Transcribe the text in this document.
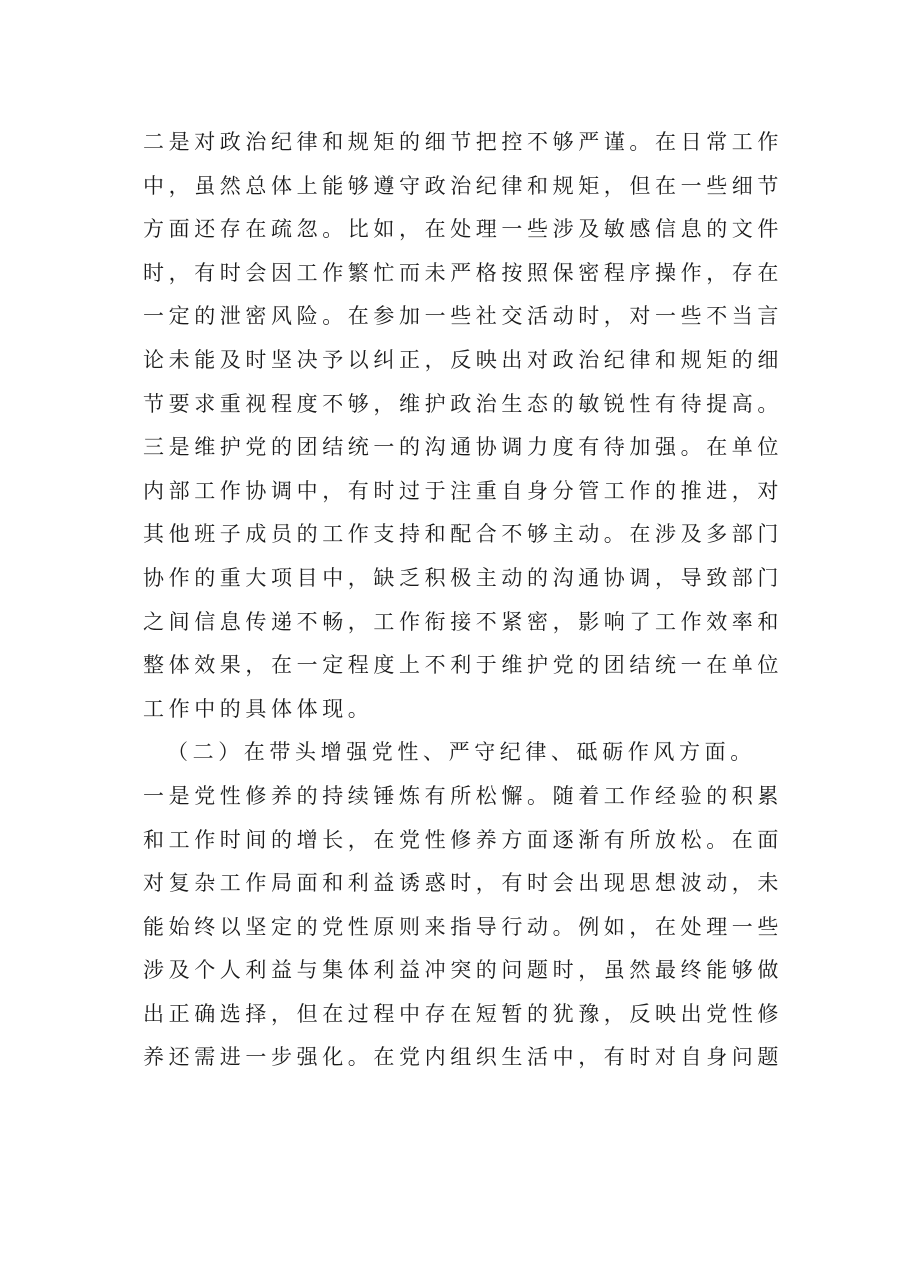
二是对政治纪律和规矩的细节把控不够严谨。在日常工作
中，虽然总体上能够遵守政治纪律和规矩，但在一些细节
方面还存在疏忽。比如，在处理一些涉及敏感信息的文件
时，有时会因工作繁忙而未严格按照保密程序操作，存在
一定的泄密风险。在参加一些社交活动时，对一些不当言
论未能及时坚决予以纠正，反映出对政治纪律和规矩的细
节要求重视程度不够，维护政治生态的敏锐性有待提高。
三是维护党的团结统一的沟通协调力度有待加强。在单位
内部工作协调中，有时过于注重自身分管工作的推进，对
其他班子成员的工作支持和配合不够主动。在涉及多部门
协作的重大项目中，缺乏积极主动的沟通协调，导致部门
之间信息传递不畅，工作衔接不紧密，影响了工作效率和
整体效果，在一定程度上不利于维护党的团结统一在单位
工作中的具体体现。
（二）在带头增强党性、严守纪律、砥砺作风方面。
一是党性修养的持续锤炼有所松懈。随着工作经验的积累
和工作时间的增长，在党性修养方面逐渐有所放松。在面
对复杂工作局面和利益诱惑时，有时会出现思想波动，未
能始终以坚定的党性原则来指导行动。例如，在处理一些
涉及个人利益与集体利益冲突的问题时，虽然最终能够做
出正确选择，但在过程中存在短暂的犹豫，反映出党性修
养还需进一步强化。在党内组织生活中，有时对自身问题
